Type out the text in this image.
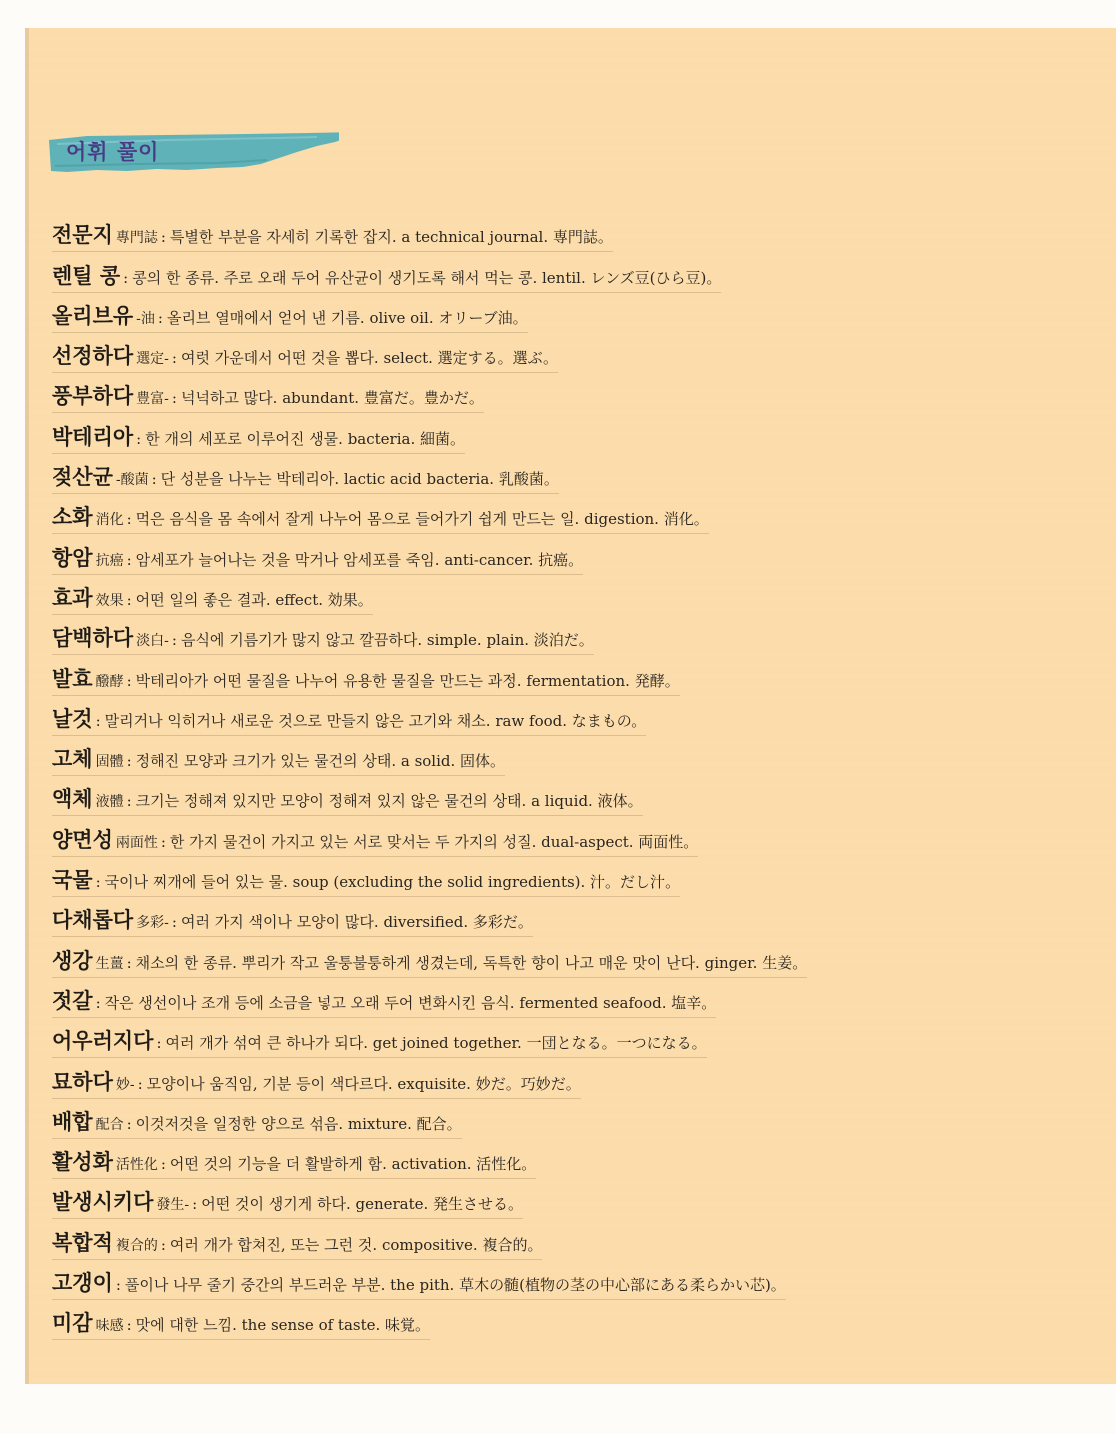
어휘 풀이
전문지 專門誌 : 특별한 부분을 자세히 기록한 잡지. a technical journal. 専門誌。
렌틸 콩 : 콩의 한 종류. 주로 오래 두어 유산균이 생기도록 해서 먹는 콩. lentil. レンズ豆(ひら豆)。
올리브유 -油 : 올리브 열매에서 얻어 낸 기름. olive oil. オリーブ油。
선정하다 選定- : 여럿 가운데서 어떤 것을 뽑다. select. 選定する。選ぶ。
풍부하다 豊富- : 넉넉하고 많다. abundant. 豊富だ。豊かだ。
박테리아 : 한 개의 세포로 이루어진 생물. bacteria. 細菌。
젖산균 -酸菌 : 단 성분을 나누는 박테리아. lactic acid bacteria. 乳酸菌。
소화 消化 : 먹은 음식을 몸 속에서 잘게 나누어 몸으로 들어가기 쉽게 만드는 일. digestion. 消化。
항암 抗癌 : 암세포가 늘어나는 것을 막거나 암세포를 죽임. anti-cancer. 抗癌。
효과 效果 : 어떤 일의 좋은 결과. effect. 効果。
담백하다 淡白- : 음식에 기름기가 많지 않고 깔끔하다. simple. plain. 淡泊だ。
발효 醱酵 : 박테리아가 어떤 물질을 나누어 유용한 물질을 만드는 과정. fermentation. 発酵。
날것 : 말리거나 익히거나 새로운 것으로 만들지 않은 고기와 채소. raw food. なまもの。
고체 固體 : 정해진 모양과 크기가 있는 물건의 상태. a solid. 固体。
액체 液體 : 크기는 정해져 있지만 모양이 정해져 있지 않은 물건의 상태. a liquid. 液体。
양면성 兩面性 : 한 가지 물건이 가지고 있는 서로 맞서는 두 가지의 성질. dual-aspect. 両面性。
국물 : 국이나 찌개에 들어 있는 물. soup (excluding the solid ingredients). 汁。だし汁。
다채롭다 多彩- : 여러 가지 색이나 모양이 많다. diversified. 多彩だ。
생강 生薑 : 채소의 한 종류. 뿌리가 작고 울퉁불퉁하게 생겼는데, 독특한 향이 나고 매운 맛이 난다. ginger. 生姜。
젓갈 : 작은 생선이나 조개 등에 소금을 넣고 오래 두어 변화시킨 음식. fermented seafood. 塩辛。
어우러지다 : 여러 개가 섞여 큰 하나가 되다. get joined together. 一団となる。一つになる。
묘하다 妙- : 모양이나 움직임, 기분 등이 색다르다. exquisite. 妙だ。巧妙だ。
배합 配合 : 이것저것을 일정한 양으로 섞음. mixture. 配合。
활성화 活性化 : 어떤 것의 기능을 더 활발하게 함. activation. 活性化。
발생시키다 發生- : 어떤 것이 생기게 하다. generate. 発生させる。
복합적 複合的 : 여러 개가 합쳐진, 또는 그런 것. compositive. 複合的。
고갱이 : 풀이나 나무 줄기 중간의 부드러운 부분. the pith. 草木の髄(植物の茎の中心部にある柔らかい芯)。
미감 味感 : 맛에 대한 느낌. the sense of taste. 味覚。
